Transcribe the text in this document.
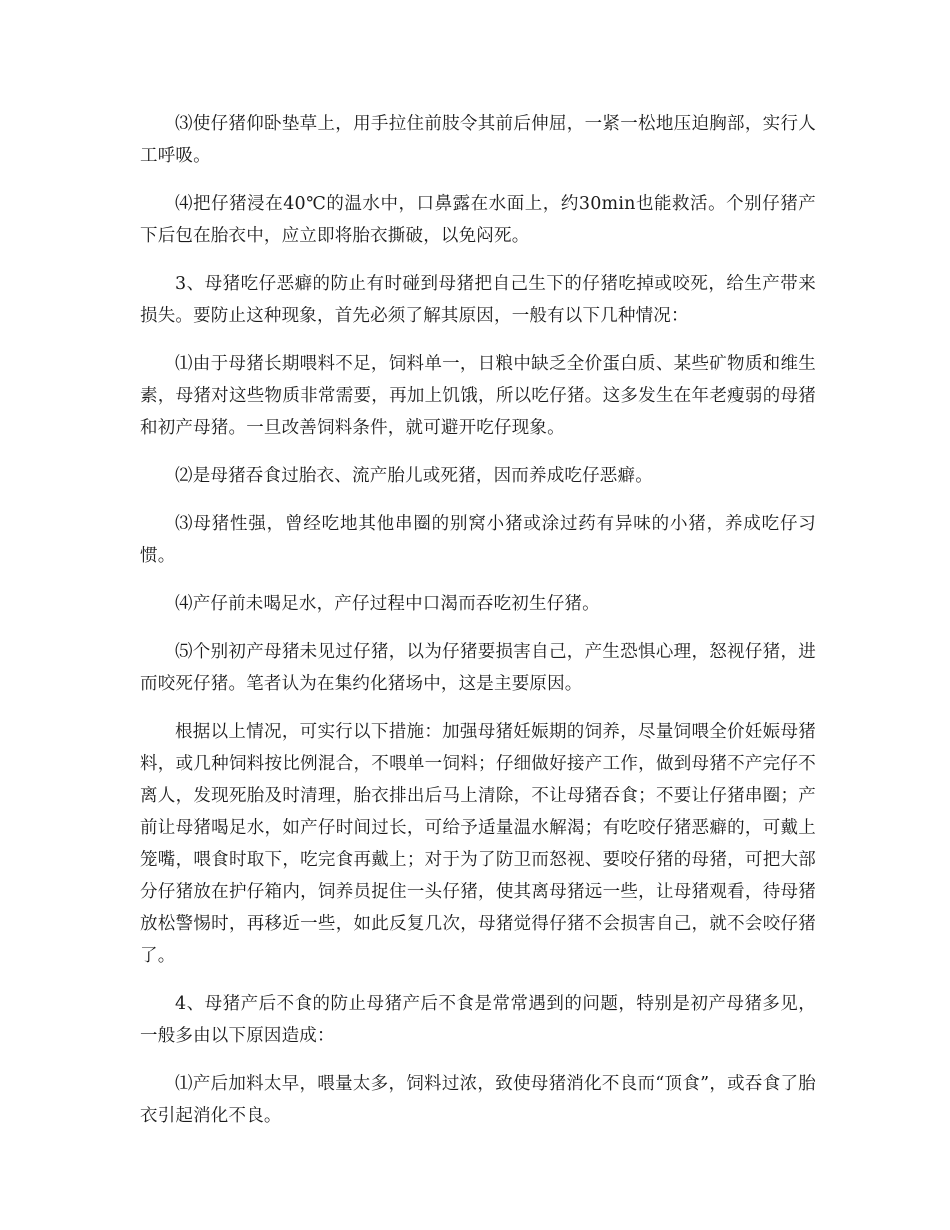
⑶使仔猪仰卧垫草上，用手拉住前肢令其前后伸屈，一紧一松地压迫胸部，实行人工呼吸。

⑷把仔猪浸在40℃的温水中，口鼻露在水面上，约30min也能救活。个别仔猪产下后包在胎衣中，应立即将胎衣撕破，以免闷死。

3、母猪吃仔恶癖的防止有时碰到母猪把自己生下的仔猪吃掉或咬死，给生产带来损失。要防止这种现象，首先必须了解其原因，一般有以下几种情况：

⑴由于母猪长期喂料不足，饲料单一，日粮中缺乏全价蛋白质、某些矿物质和维生素，母猪对这些物质非常需要，再加上饥饿，所以吃仔猪。这多发生在年老瘦弱的母猪和初产母猪。一旦改善饲料条件，就可避开吃仔现象。

⑵是母猪吞食过胎衣、流产胎儿或死猪，因而养成吃仔恶癖。

⑶母猪性强，曾经吃地其他串圈的别窝小猪或涂过药有异味的小猪，养成吃仔习惯。

⑷产仔前未喝足水，产仔过程中口渴而吞吃初生仔猪。

⑸个别初产母猪未见过仔猪，以为仔猪要损害自己，产生恐惧心理，怒视仔猪，进而咬死仔猪。笔者认为在集约化猪场中，这是主要原因。

根据以上情况，可实行以下措施：加强母猪妊娠期的饲养，尽量饲喂全价妊娠母猪料，或几种饲料按比例混合，不喂单一饲料；仔细做好接产工作，做到母猪不产完仔不离人，发现死胎及时清理，胎衣排出后马上清除，不让母猪吞食；不要让仔猪串圈；产前让母猪喝足水，如产仔时间过长，可给予适量温水解渴；有吃咬仔猪恶癖的，可戴上笼嘴，喂食时取下，吃完食再戴上；对于为了防卫而怒视、要咬仔猪的母猪，可把大部分仔猪放在护仔箱内，饲养员捉住一头仔猪，使其离母猪远一些，让母猪观看，待母猪放松警惕时，再移近一些，如此反复几次，母猪觉得仔猪不会损害自己，就不会咬仔猪了。

4、母猪产后不食的防止母猪产后不食是常常遇到的问题，特别是初产母猪多见，一般多由以下原因造成：

⑴产后加料太早，喂量太多，饲料过浓，致使母猪消化不良而“顶食”，或吞食了胎衣引起消化不良。
